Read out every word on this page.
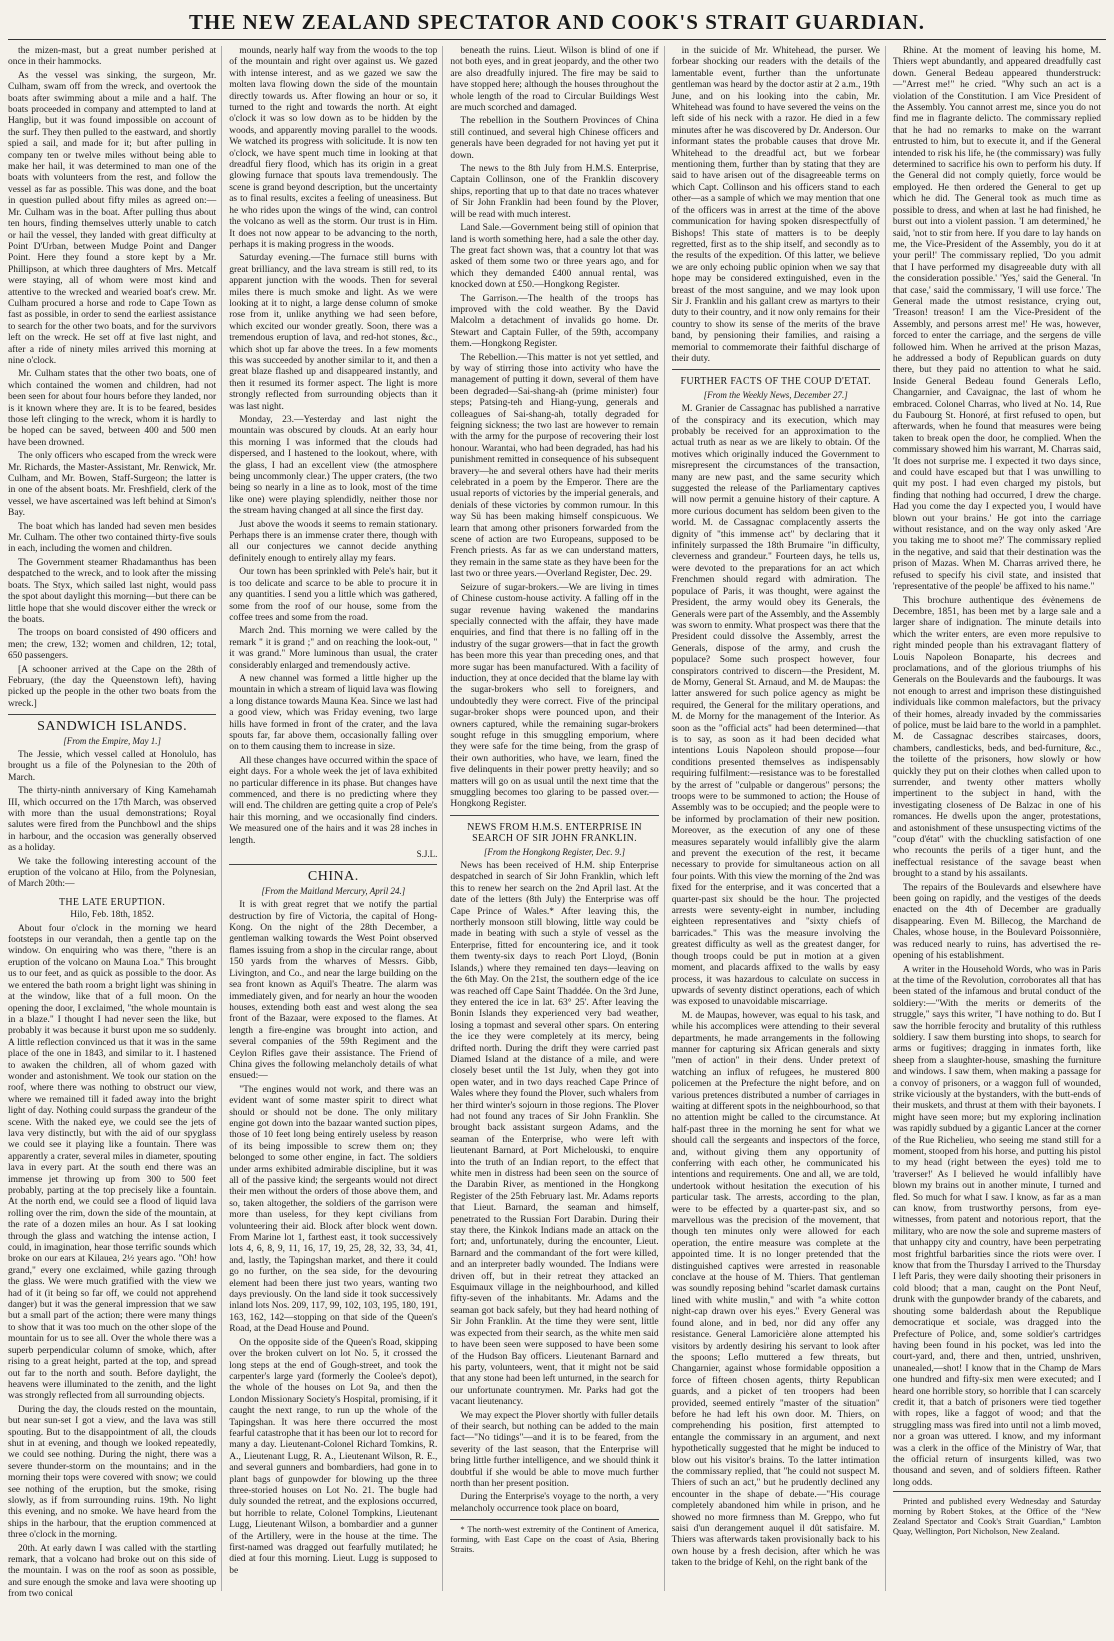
THE NEW ZEALAND SPECTATOR AND COOK'S STRAIT GUARDIAN.

the mizen-mast, but a great number perished at once in their hammocks.

As the vessel was sinking, the surgeon, Mr. Culham, swam off from the wreck, and overtook the boats after swimming about a mile and a half. The boats proceeded in company and attempted to land at Hanglip, but it was found impossible on account of the surf. They then pulled to the eastward, and shortly spied a sail, and made for it; but after pulling in company ten or twelve miles without being able to make her hail, it was determined to man one of the boats with volunteers from the rest, and follow the vessel as far as possible. This was done, and the boat in question pulled about fifty miles as agreed on:—Mr. Culham was in the boat. After pulling thus about ten hours, finding themselves utterly unable to catch or hail the vessel, they landed with great difficulty at Point D'Urban, between Mudge Point and Danger Point. Here they found a store kept by a Mr. Phillipson, at which three daughters of Mrs. Metcalf were staying, all of whom were most kind and attentive to the wrecked and wearied boat's crew. Mr. Culham procured a horse and rode to Cape Town as fast as possible, in order to send the earliest assistance to search for the other two boats, and for the survivors left on the wreck. He set off at five last night, and after a ride of ninety miles arrived this morning at nine o'clock.

Mr. Culham states that the other two boats, one of which contained the women and children, had not been seen for about four hours before they landed, nor is it known where they are. It is to be feared, besides those left clinging to the wreck, whom it is hardly to be hoped can be saved, between 400 and 500 men have been drowned.

The only officers who escaped from the wreck were Mr. Richards, the Master-Assistant, Mr. Renwick, Mr. Culham, and Mr. Bowen, Staff-Surgeon; the latter is in one of the absent boats. Mr. Freshfield, clerk of the vessel, we have ascertained was left behind at Simon's Bay.

The boat which has landed had seven men besides Mr. Culham. The other two contained thirty-five souls in each, including the women and children.

The Government steamer Rhadamanthus has been despatched to the wreck, and to look after the missing boats. The Styx, which sailed last night, would pass the spot about daylight this morning—but there can be little hope that she would discover either the wreck or the boats.

The troops on board consisted of 490 officers and men; the crew, 132; women and children, 12; total, 650 passengers.

[A schooner arrived at the Cape on the 28th of February, (the day the Queenstown left), having picked up the people in the other two boats from the wreck.]

SANDWICH ISLANDS.
[From the Empire, May 1.]

The Jessie, which vessel called at Honolulo, has brought us a file of the Polynesian to the 20th of March.

The thirty-ninth anniversary of King Kamehamah III, which occurred on the 17th March, was observed with more than the usual demonstrations; Royal salutes were fired from the Punchbowl and the ships in harbour, and the occasion was generally observed as a holiday.

We take the following interesting account of the eruption of the volcano at Hilo, from the Polynesian, of March 20th:—

THE LATE ERUPTION.
Hilo, Feb. 18th, 1852.

About four o'clock in the morning we heard footsteps in our verandah, then a gentle tap on the window. On enquiring who was there, "there is an eruption of the volcano on Mauna Loa." This brought us to our feet, and as quick as possible to the door. As we entered the bath room a bright light was shining in at the window, like that of a full moon. On the opening the door, I exclaimed, "the whole mountain is in a blaze." I thought I had never seen the like, but probably it was because it burst upon me so suddenly. A little reflection convinced us that it was in the same place of the one in 1843, and similar to it. I hastened to awaken the children, all of whom gazed with wonder and astonishment. We took our station on the roof, where there was nothing to obstruct our view, where we remained till it faded away into the bright light of day. Nothing could surpass the grandeur of the scene. With the naked eye, we could see the jets of lava very distinctly, but with the aid of our spyglass we could see it playing like a fountain. There was apparently a crater, several miles in diameter, spouting lava in every part. At the south end there was an immense jet throwing up from 300 to 500 feet probably, parting at the top precisely like a fountain. At the north end, we could see a flood of liquid lava rolling over the rim, down the side of the mountain, at the rate of a dozen miles an hour. As I sat looking through the glass and watching the intense action, I could, in imagination, hear those terrific sounds which broke on our ears at Kilauea, 2½ years ago. "Oh! how grand," every one exclaimed, while gazing through the glass. We were much gratified with the view we had of it (it being so far off, we could not apprehend danger) but it was the general impression that we saw but a small part of the action; there were many things to show that it was too much on the other slope of the mountain for us to see all. Over the whole there was a superb perpendicular column of smoke, which, after rising to a great height, parted at the top, and spread out far to the north and south. Before daylight, the heavens were illuminated to the zenith, and the light was strongly reflected from all surrounding objects.

During the day, the clouds rested on the mountain, but near sun-set I got a view, and the lava was still spouting. But to the disappointment of all, the clouds shut in at evening, and though we looked repeatedly, we could see nothing. During the night, there was a severe thunder-storm on the mountains; and in the morning their tops were covered with snow; we could see nothing of the eruption, but the smoke, rising slowly, as if from surrounding ruins. 19th. No light this evening, and no smoke. We have heard from the ships in the harbour, that the eruption commenced at three o'clock in the morning.

20th. At early dawn I was called with the startling remark, that a volcano had broke out on this side of the mountain. I was on the roof as soon as possible, and sure enough the smoke and lava were shooting up from two conical

mounds, nearly half way from the woods to the top of the mountain and right over against us. We gazed with intense interest, and as we gazed we saw the molten lava flowing down the side of the mountain directly towards us. After flowing an hour or so, it turned to the right and towards the north. At eight o'clock it was so low down as to be hidden by the woods, and apparently moving parallel to the woods. We watched its progress with solicitude. It is now ten o'clock, we have spent much time in looking at that dreadful fiery flood, which has its origin in a great glowing furnace that spouts lava tremendously. The scene is grand beyond description, but the uncertainty as to final results, excites a feeling of uneasiness. But he who rides upon the wings of the wind, can control the volcano as well as the storm. Our trust is in Him. It does not now appear to be advancing to the north, perhaps it is making progress in the woods.

Saturday evening.—The furnace still burns with great brilliancy, and the lava stream is still red, to its apparent junction with the woods. Then for several miles there is much smoke and light. As we were looking at it to night, a large dense column of smoke rose from it, unlike anything we had seen before, which excited our wonder greatly. Soon, there was a tremendous eruption of lava, and red-hot stones, &c., which shot up far above the trees. In a few moments this was succeeded by another similar to it, and then a great blaze flashed up and disappeared instantly, and then it resumed its former aspect. The light is more strongly reflected from surrounding objects than it was last night.

Monday, 23.—Yesterday and last night the mountain was obscured by clouds. At an early hour this morning I was informed that the clouds had dispersed, and I hastened to the lookout, where, with the glass, I had an excellent view (the atmosphere being uncommonly clear.) The upper craters, (the two being so nearly in a line as to look, most of the time like one) were playing splendidly, neither those nor the stream having changed at all since the first day.

Just above the woods it seems to remain stationary. Perhaps there is an immense crater there, though with all our conjectures we cannot decide anything definitely enough to entirely allay my fears.

Our town has been sprinkled with Pele's hair, but it is too delicate and scarce to be able to procure it in any quantities. I send you a little which was gathered, some from the roof of our house, some from the coffee trees and some from the road.

March 2nd. This morning we were called by the remark " it is grand ;" and on reaching the look-out, " it was grand." More luminous than usual, the crater considerably enlarged and tremendously active.

A new channel was formed a little higher up the mountain in which a stream of liquid lava was flowing a long distance towards Mauna Kea. Since we last had a good view, which was Friday evening, two large hills have formed in front of the crater, and the lava spouts far, far above them, occasionally falling over on to them causing them to increase in size.

All these changes have occurred within the space of eight days. For a whole week the jet of lava exhibited no particular difference in its phase. But changes have commenced, and there is no predicting where they will end. The children are getting quite a crop of Pele's hair this morning, and we occasionally find cinders. We measured one of the hairs and it was 28 inches in length.

S.J.L.
CHINA.
[From the Maitland Mercury, April 24.]

It is with great regret that we notify the partial destruction by fire of Victoria, the capital of Hong-Kong. On the night of the 28th December, a gentleman walking towards the West Point observed flames issuing from a shop in the circular range, about 150 yards from the wharves of Messrs. Gibb, Livington, and Co., and near the large building on the sea front known as Aquil's Theatre. The alarm was immediately given, and for nearly an hour the wooden houses, extending both east and west along the sea front of the Bazaar, were exposed to the flames. At length a fire-engine was brought into action, and several companies of the 59th Regiment and the Ceylon Rifles gave their assistance. The Friend of China gives the following melancholy details of what ensued:—

"The engines would not work, and there was an evident want of some master spirit to direct what should or should not be done. The only military engine got down into the bazaar wanted suction pipes, those of 10 feet long being entirely useless by reason of its being impossible to screw them on; they belonged to some other engine, in fact. The soldiers under arms exhibited admirable discipline, but it was all of the passive kind; the sergeants would not direct their men without the orders of those above them, and so, taken altogether, the soldiers of the garrison were more than useless, for they kept civilians from volunteering their aid. Block after block went down. From Marine lot 1, farthest east, it took successively lots 4, 6, 8, 9, 11, 16, 17, 19, 25, 28, 32, 33, 34, 41, and, lastly, the Tapingshan market, and there it could go no further, on the sea side, for the devouring element had been there just two years, wanting two days previously. On the land side it took successively inland lots Nos. 209, 117, 99, 102, 103, 195, 180, 191, 163, 162, 142—stopping on that side of the Queen's Road, at the Dead House and Pound.

On the opposite side of the Queen's Road, skipping over the broken culvert on lot No. 5, it crossed the long steps at the end of Gough-street, and took the carpenter's large yard (formerly the Coolee's depot), the whole of the houses on Lot 9a, and then the London Missionary Society's Hospital, promising, if it caught the next range, to run up the whole of the Tapingshan. It was here there occurred the most fearful catastrophe that it has been our lot to record for many a day. Lieutenant-Colonel Richard Tomkins, R. A., Lieutenant Lugg, R. A., Lieutenant Wilson, R. E., and several gunners and bombardiers, had gone in to plant bags of gunpowder for blowing up the three three-storied houses on Lot No. 21. The bugle had duly sounded the retreat, and the explosions occurred, but horrible to relate, Colonel Tompkins, Lieutenant Lugg, Lieutenant Wilson, a bombardier and a gunner of the Artillery, were in the house at the time. The first-named was dragged out fearfully mutilated; he died at four this morning. Lieut. Lugg is supposed to be

beneath the ruins. Lieut. Wilson is blind of one if not both eyes, and in great jeopardy, and the other two are also dreadfully injured. The fire may be said to have stopped here; although the houses throughout the whole length of the road to Circular Buildings West are much scorched and damaged.

The rebellion in the Southern Provinces of China still continued, and several high Chinese officers and generals have been degraded for not having yet put it down.

The news to the 8th July from H.M.S. Enterprise, Captain Collinson, one of the Franklin discovery ships, reporting that up to that date no traces whatever of Sir John Franklin had been found by the Plover, will be read with much interest.

Land Sale.—Government being still of opinion that land is worth something here, had a sale the other day. The great fact shown was, that a country lot that was asked of them some two or three years ago, and for which they demanded £400 annual rental, was knocked down at £50.—Hongkong Register.

The Garrison.—The health of the troops has improved with the cold weather. By the David Malcolm a detachment of invalids go home. Dr. Stewart and Captain Fuller, of the 59th, accompany them.—Hongkong Register.

The Rebellion.—This matter is not yet settled, and by way of stirring those into activity who have the management of putting it down, several of them have been degraded—Sai-shang-ah (prime minister) four steps; Patsing-teh and Hiang-yung, generals and colleagues of Sai-shang-ah, totally degraded for feigning sickness; the two last are however to remain with the army for the purpose of recovering their lost honour. Warantai, who had been degraded, has had his punishment remitted in consequence of his subsequent bravery—he and several others have had their merits celebrated in a poem by the Emperor. There are the usual reports of victories by the imperial generals, and denials of these victories by common rumour. In this way Sü has been making himself conspicuous. We learn that among other prisoners forwarded from the scene of action are two Europeans, supposed to be French priests. As far as we can understand matters, they remain in the same state as they have been for the last two or three years.—Overland Register, Dec. 29.

Seizure of sugar-brokers.—We are living in times of Chinese custom-house activity. A falling off in the sugar revenue having wakened the mandarins specially connected with the affair, they have made enquiries, and find that there is no falling off in the industry of the sugar growers—that in fact the growth has been more this year than preceding ones, and that more sugar has been manufactured. With a facility of induction, they at once decided that the blame lay with the sugar-brokers who sell to foreigners, and undoubtedly they were correct. Five of the principal sugar-broker shops were pounced upon, and their owners captured, while the remaining sugar-brokers sought refuge in this smuggling emporium, where they were safe for the time being, from the grasp of their own authorities, who have, we learn, fined the five delinquents in their power pretty heavily; and so matters will go on as usual until the next time that the smuggling becomes too glaring to be passed over.—Hongkong Register.

NEWS FROM H.M.S. ENTERPRISE IN SEARCH OF SIR JOHN FRANKLIN.
[From the Hongkong Register, Dec. 9.]

News has been received of H.M. ship Enterprise despatched in search of Sir John Franklin, which left this to renew her search on the 2nd April last. At the date of the letters (8th July) the Enterprise was off Cape Prince of Wales.* After leaving this, the northerly monsoon still blowing, little way could be made in beating with such a style of vessel as the Enterprise, fitted for encountering ice, and it took them twenty-six days to reach Port Lloyd, (Bonin Islands,) where they remained ten days—leaving on the 6th May. On the 21st, the southern edge of the ice was reached off Cape Saint Thaddée. On the 3rd June, they entered the ice in lat. 63° 25'. After leaving the Bonin Islands they experienced very bad weather, losing a topmast and several other spars. On entering the ice they were completely at its mercy, being drifted north. During the drift they were carried past Diamed Island at the distance of a mile, and were closely beset until the 1st July, when they got into open water, and in two days reached Cape Prince of Wales where they found the Plover, such whalers from her third winter's sojourn in those regions. The Plover had not found any traces of Sir John Franklin. She brought back assistant surgeon Adams, and the seaman of the Enterprise, who were left with lieutenant Barnard, at Port Michelouski, to enquire into the truth of an Indian report, to the effect that white men in distress had been seen on the source of the Darabin River, as mentioned in the Hongkong Register of the 25th February last. Mr. Adams reports that Lieut. Barnard, the seaman and himself, penetrated to the Russian Fort Darabin. During their stay there, the Kinkok Indians made an attack on the fort; and, unfortunately, during the encounter, Lieut. Barnard and the commandant of the fort were killed, and an interpreter badly wounded. The Indians were driven off, but in their retreat they attacked an Esquimaux village in the neighbourhood, and killed fifty-seven of the inhabitants. Mr. Adams and the seaman got back safely, but they had heard nothing of Sir John Franklin. At the time they were sent, little was expected from their search, as the white men said to have been seen were supposed to have been some of the Hudson Bay officers. Lieutenant Barnard and his party, volunteers, went, that it might not be said that any stone had been left unturned, in the search for our unfortunate countrymen. Mr. Parks had got the vacant lieutenancy.

We may expect the Plover shortly with fuller details of their search, but nothing can be added to the main fact—"No tidings"—and it is to be feared, from the severity of the last season, that the Enterprise will bring little further intelligence, and we should think it doubtful if she would be able to move much further north than her present position.

During the Enterprise's voyage to the north, a very melancholy occurrence took place on board,

* The north-west extremity of the Continent of America, forming, with East Cape on the coast of Asia, Bhering Straits.

in the suicide of Mr. Whitehead, the purser. We forbear shocking our readers with the details of the lamentable event, further than the unfortunate gentleman was heard by the doctor astir at 2 a.m., 19th June, and on his looking into the cabin, Mr. Whitehead was found to have severed the veins on the left side of his neck with a razor. He died in a few minutes after he was discovered by Dr. Anderson. Our informant states the probable causes that drove Mr. Whitehead to the dreadful act, but we forbear mentioning them, further than by stating that they are said to have arisen out of the disagreeable terms on which Capt. Collinson and his officers stand to each other—as a sample of which we may mention that one of the officers was in arrest at the time of the above communication for having spoken disrespectfully of Bishops! This state of matters is to be deeply regretted, first as to the ship itself, and secondly as to the results of the expedition. Of this latter, we believe we are only echoing public opinion when we say that hope may be considered extinguished, even in the breast of the most sanguine, and we may look upon Sir J. Franklin and his gallant crew as martyrs to their duty to their country, and it now only remains for their country to show its sense of the merits of the brave band, by pensioning their families, and raising a memorial to commemorate their faithful discharge of their duty.

FURTHER FACTS OF THE COUP D'ETAT.
[From the Weekly News, December 27.]

M. Granier de Cassagnac has published a narrative of the conspiracy and its execution, which may probably be received for an approximation to the actual truth as near as we are likely to obtain. Of the motives which originally induced the Government to misrepresent the circumstances of the transaction, many are new past, and the same security which suggested the release of the Parliamentary captives will now permit a genuine history of their capture. A more curious document has seldom been given to the world. M. de Cassagnac complacently asserts the dignity of "this immense act" by declaring that it infinitely surpassed the 18th Brumaire "in difficulty, cleverness and grandeur." Fourteen days, he tells us, were devoted to the preparations for an act which Frenchmen should regard with admiration. The populace of Paris, it was thought, were against the President, the army would obey its Generals, the Generals were part of the Assembly, and the Assembly was sworn to enmity. What prospect was there that the President could dissolve the Assembly, arrest the Generals, dispose of the army, and crush the populace? Some such prospect however, four conspirators contrived to discern—the President, M. de Morny, General St. Arnaud, and M. de Maupas: the latter answered for such police agency as might be required, the General for the military operations, and M. de Morny for the management of the Interior. As soon as the "official acts" had been determined—that is to say, as soon as it had been decided what intentions Louis Napoleon should propose—four conditions presented themselves as indispensably requiring fulfilment:—resistance was to be forestalled by the arrest of "culpable or dangerous" persons; the troops were to be summoned to action; the House of Assembly was to be occupied; and the people were to be informed by proclamation of their new position. Moreover, as the execution of any one of these measures separately would infallibly give the alarm and prevent the execution of the rest, it became necessary to provide for simultaneous action on all four points. With this view the morning of the 2nd was fixed for the enterprise, and it was concerted that a quarter-past six should be the hour. The projected arrests were seventy-eight in number, including eighteen representatives and "sixty chiefs of barricades." This was the measure involving the greatest difficulty as well as the greatest danger, for though troops could be put in motion at a given moment, and placards affixed to the walls by easy process, it was hazardous to calculate on success in upwards of seventy distinct operations, each of which was exposed to unavoidable miscarriage.

M. de Maupas, however, was equal to his task, and while his accomplices were attending to their several departments, he made arrangements in the following manner for capturing six African generals and sixty "men of action" in their dens. Under pretext of watching an influx of refugees, he mustered 800 policemen at the Prefecture the night before, and on various pretences distributed a number of carriages in waiting at different spots in the neighbourhood, so that no attention might be called to the circumstance. At half-past three in the morning he sent for what we should call the sergeants and inspectors of the force, and, without giving them any opportunity of conferring with each other, he communicated his intentions and requirements. One and all, we are told, undertook without hesitation the execution of his particular task. The arrests, according to the plan, were to be effected by a quarter-past six, and so marvellous was the precision of the movement, that though ten minutes only were allowed for each operation, the entire measure was complete at the appointed time. It is no longer pretended that the distinguished captives were arrested in reasonable conclave at the house of M. Thiers. That gentleman was soundly reposing behind "scarlet damask curtains lined with white muslin," and with "a white cotton night-cap drawn over his eyes." Every General was found alone, and in bed, nor did any offer any resistance. General Lamoricière alone attempted his visitors by ardently desiring his servant to look after the spoons; Leflo muttered a few threats, but Changarnier, against whose formidable opposition a force of fifteen chosen agents, thirty Republican guards, and a picket of ten troopers had been provided, seemed entirely "master of the situation" before he had left his own door. M. Thiers, on comprehending his position, first attempted to entangle the commissary in an argument, and next hypothetically suggested that he might be induced to blow out his visitor's brains. To the latter intimation the commissary replied, that "he could not suspect M. Thiers of such an act," but he prudently declined any encounter in the shape of debate.—"His courage completely abandoned him while in prison, and he showed no more firmness than M. Greppo, who fut saisi d'un derangement auquel il dût satisfaire. M. Thiers was afterwards taken provisionally back to his own house by a fresh decision, after which he was taken to the bridge of Kehl, on the right bank of the

Rhine. At the moment of leaving his home, M. Thiers wept abundantly, and appeared dreadfully cast down. General Bedeau appeared thunderstruck:—"Arrest me!" he cried. "Why such an act is a violation of the Constitution. I am Vice President of the Assembly. You cannot arrest me, since you do not find me in flagrante delicto. The commissary replied that he had no remarks to make on the warrant entrusted to him, but to execute it, and if the General intended to risk his life, he (the commissary) was fully determined to sacrifice his own to perform his duty. If the General did not comply quietly, force would be employed. He then ordered the General to get up which he did. The General took as much time as possible to dress, and when at last he had finished, he burst out into a violent passion. 'I am determined,' he said, 'not to stir from here. If you dare to lay hands on me, the Vice-President of the Assembly, you do it at your peril!' The commissary replied, 'Do you admit that I have performed my disagreeable duty with all the consideration possible.' 'Yes,' said the General. 'In that case,' said the commissary, 'I will use force.' The General made the utmost resistance, crying out, 'Treason! treason! I am the Vice-President of the Assembly, and persons arrest me!' He was, however, forced to enter the carriage, and the sergens de ville followed him. When he arrived at the prison Mazas, he addressed a body of Republican guards on duty there, but they paid no attention to what he said. Inside General Bedeau found Generals Leflo, Changarnier, and Cavaignac, the last of whom he embraced. Colonel Charras, who lived at No. 14, Rue du Faubourg St. Honoré, at first refused to open, but afterwards, when he found that measures were being taken to break open the door, he complied. When the commissary showed him his warrant, M. Charras said, 'It does not surprise me. I expected it two days since, and could have escaped but that I was unwilling to quit my post. I had even charged my pistols, but finding that nothing had occurred, I drew the charge. Had you come the day I expected you, I would have blown out your brains.' He got into the carriage without resistance, and on the way only asked 'Are you taking me to shoot me?' The commissary replied in the negative, and said that their destination was the prison of Mazas. When M. Charras arrived there, he refused to specify his civil state, and insisted that 'representative of the people' be affixed to his name."

This brochure authentique des évènemens de Decembre, 1851, has been met by a large sale and a larger share of indignation. The minute details into which the writer enters, are even more repulsive to right minded people than his extravagant flattery of Louis Napoleon Bonaparte, his decrees and proclamations, and of the glorious triumphs of his Generals on the Boulevards and the faubourgs. It was not enough to arrest and imprison these distinguished individuals like common malefactors, but the privacy of their homes, already invaded by the commissaries of police, must be laid bare to the world in a pamphlet. M. de Cassagnac describes staircases, doors, chambers, candlesticks, beds, and bed-furniture, &c., the toilette of the prisoners, how slowly or how quickly they put on their clothes when called upon to surrender, and twenty other matters wholly impertinent to the subject in hand, with the investigating closeness of De Balzac in one of his romances. He dwells upon the anger, protestations, and astonishment of these unsuspecting victims of the "coup d'état" with the chuckling satisfaction of one who recounts the perils of a tiger hunt, and the ineffectual resistance of the savage beast when brought to a stand by his assailants.

The repairs of the Boulevards and elsewhere have been going on rapidly, and the vestiges of the deeds enacted on the 4th of December are gradually disappearing. Even M. Billecog, the Marchand de Chales, whose house, in the Boulevard Poissonnière, was reduced nearly to ruins, has advertised the re-opening of his establishment.

A writer in the Household Words, who was in Paris at the time of the Revolution, corroborates all that has been stated of the infamous and brutal conduct of the soldiery:—"With the merits or demerits of the struggle," says this writer, "I have nothing to do. But I saw the horrible ferocity and brutality of this ruthless soldiery. I saw them bursting into shops, to search for arms or fugitives; dragging in inmates forth, like sheep from a slaughter-house, smashing the furniture and windows. I saw them, when making a passage for a convoy of prisoners, or a waggon full of wounded, strike viciously at the bystanders, with the butt-ends of their muskets, and thrust at them with their bayonets. I might have seen more; but my exploring inclination was rapidly subdued by a gigantic Lancer at the corner of the Rue Richelieu, who seeing me stand still for a moment, stooped from his horse, and putting his pistol to my head (right between the eyes) told me to 'traverser!' As I believed he would infallibly have blown my brains out in another minute, I turned and fled. So much for what I saw. I know, as far as a man can know, from trustworthy persons, from eye-witnesses, from patent and notorious report, that the military, who are now the sole and supreme masters of that unhappy city and country, have been perpetrating most frightful barbarities since the riots were over. I know that from the Thursday I arrived to the Thursday I left Paris, they were daily shooting their prisoners in cold blood; that a man, caught on the Pont Neuf, drunk with the gunpowder brandy of the cabarets, and shouting some balderdash about the Republique democratique et sociale, was dragged into the Prefecture of Police, and, some soldier's cartridges having been found in his pocket, was led into the court-yard, and, there and then, untried, unshriven, unanealed,—shot! I know that in the Champ de Mars one hundred and fifty-six men were executed; and I heard one horrible story, so horrible that I can scarcely credit it, that a batch of prisoners were tied together with ropes, like a faggot of wood; and that the struggling mass was fired into until not a limb moved, nor a groan was uttered. I know, and my informant was a clerk in the office of the Ministry of War, that the official return of insurgents killed, was two thousand and seven, and of soldiers fifteen. Rather long odds.

Printed and published every Wednesday and Saturday morning by Robert Stokes, at the Office of the "New Zealand Spectator and Cook's Strait Guardian," Lambton Quay, Wellington, Port Nicholson, New Zealand.
